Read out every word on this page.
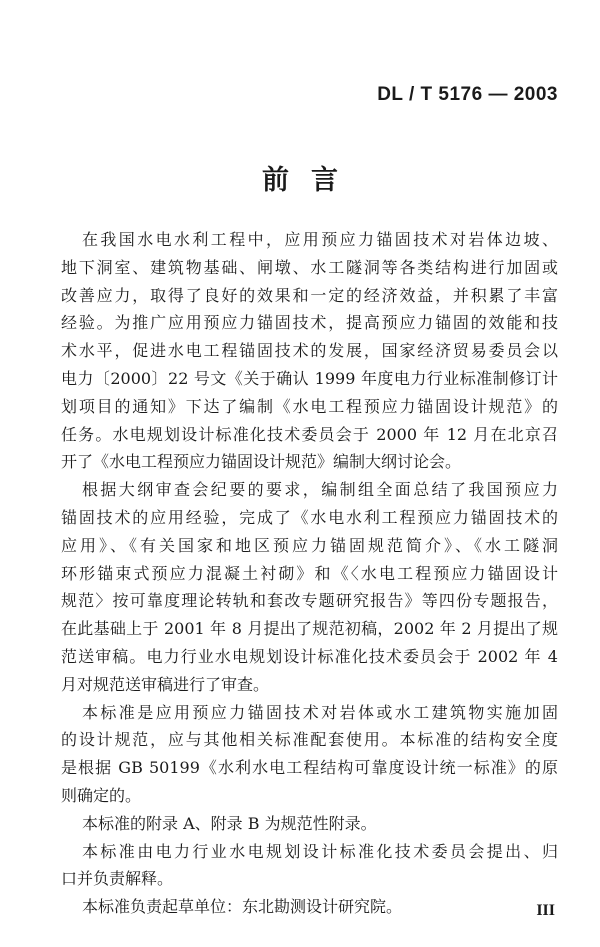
DL / T 5176 — 2003
前言
在我国水电水利工程中，应用预应力锚固技术对岩体边坡、
地下洞室、建筑物基础、闸墩、水工隧洞等各类结构进行加固或
改善应力，取得了良好的效果和一定的经济效益，并积累了丰富
经验。为推广应用预应力锚固技术，提高预应力锚固的效能和技
术水平，促进水电工程锚固技术的发展，国家经济贸易委员会以
电力〔2000〕22 号文《关于确认 1999 年度电力行业标准制修订计
划项目的通知》下达了编制《水电工程预应力锚固设计规范》的
任务。水电规划设计标准化技术委员会于 2000 年 12 月在北京召
开了《水电工程预应力锚固设计规范》编制大纲讨论会。
根据大纲审查会纪要的要求，编制组全面总结了我国预应力
锚固技术的应用经验，完成了《水电水利工程预应力锚固技术的
应用》、《有关国家和地区预应力锚固规范简介》、《水工隧洞
环形锚束式预应力混凝土衬砌》和《〈水电工程预应力锚固设计
规范〉按可靠度理论转轨和套改专题研究报告》等四份专题报告，
在此基础上于 2001 年 8 月提出了规范初稿，2002 年 2 月提出了规
范送审稿。电力行业水电规划设计标准化技术委员会于 2002 年 4
月对规范送审稿进行了审查。
本标准是应用预应力锚固技术对岩体或水工建筑物实施加固
的设计规范，应与其他相关标准配套使用。本标准的结构安全度
是根据 GB 50199《水利水电工程结构可靠度设计统一标准》的原
则确定的。
本标准的附录 A、附录 B 为规范性附录。
本标准由电力行业水电规划设计标准化技术委员会提出、归
口并负责解释。
本标准负责起草单位：东北勘测设计研究院。	III
